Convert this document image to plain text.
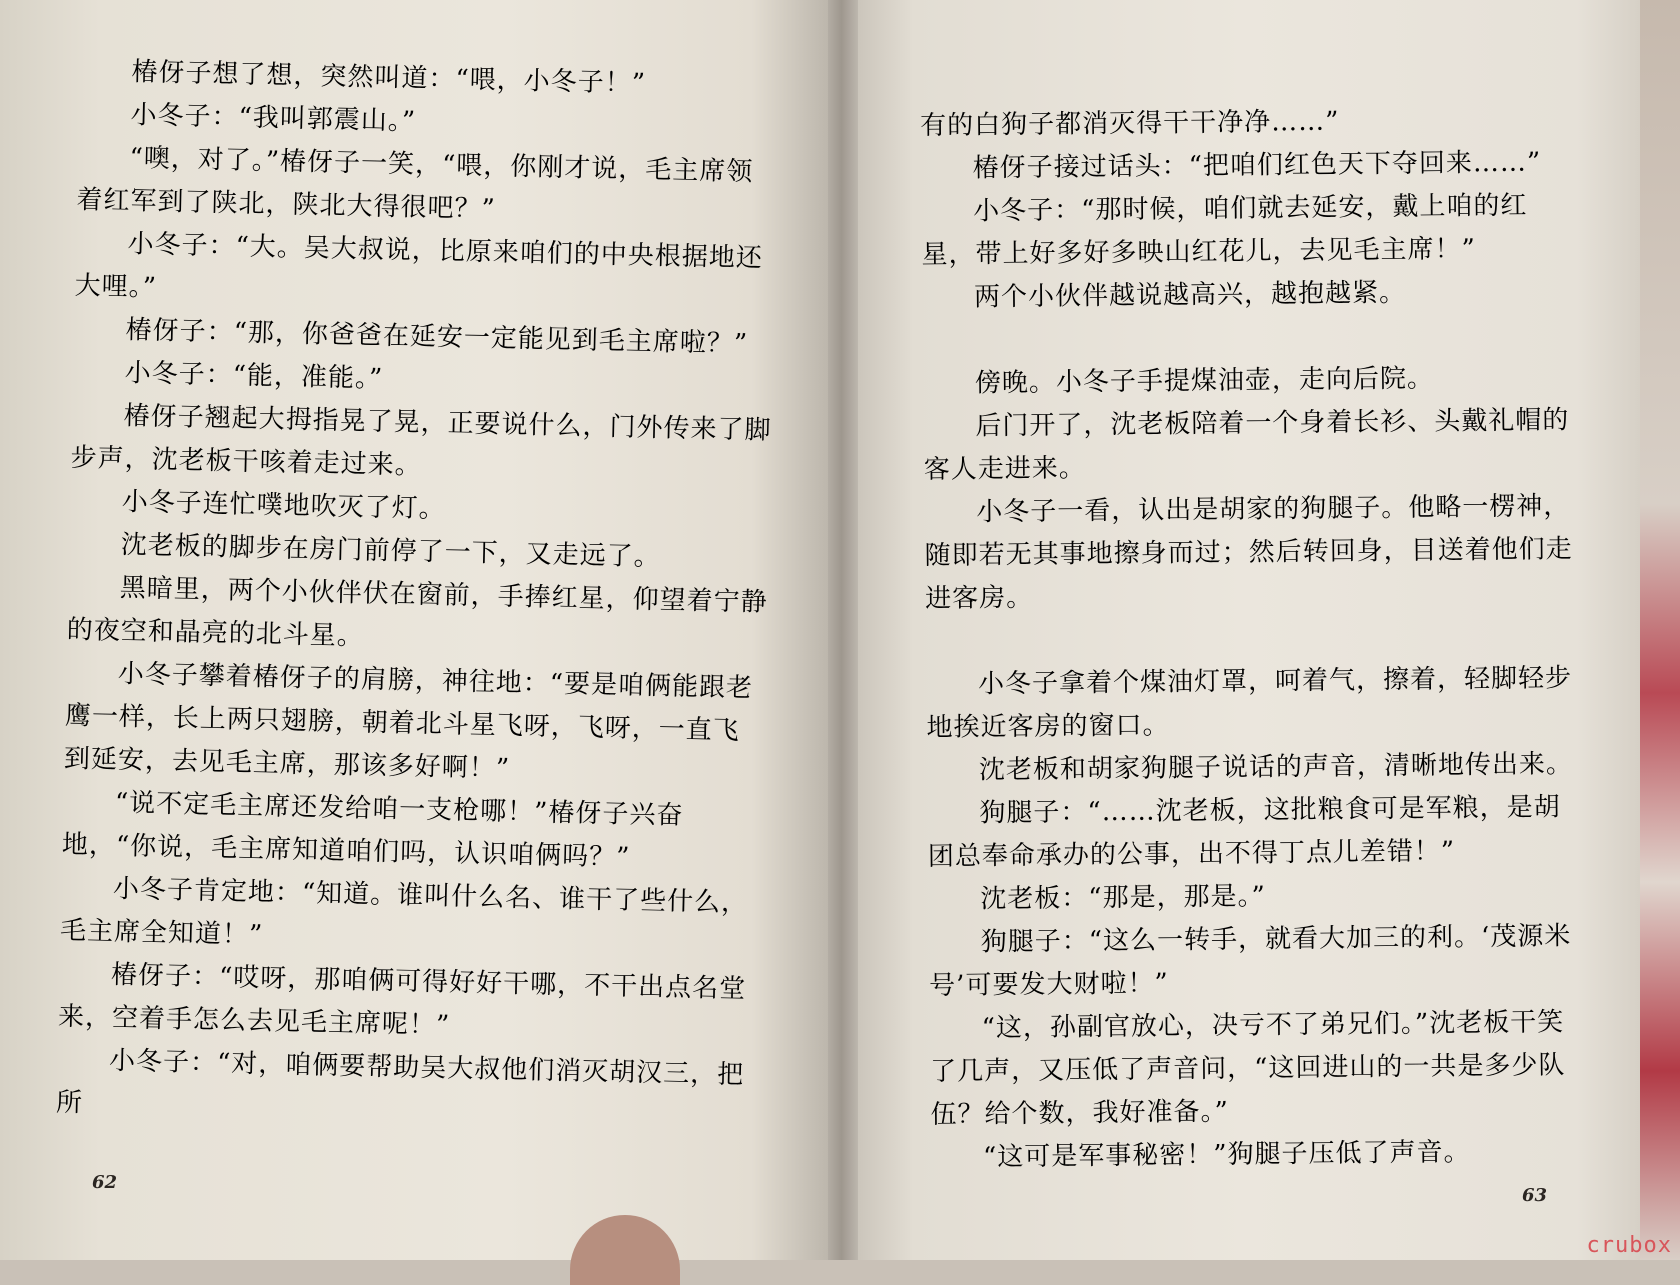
椿伢子想了想，突然叫道：“喂，小冬子！”

小冬子：“我叫郭震山。”

“噢，对了。”椿伢子一笑，“喂，你刚才说，毛主席领着红军到了陕北，陕北大得很吧？”

小冬子：“大。吴大叔说，比原来咱们的中央根据地还大哩。”

椿伢子：“那，你爸爸在延安一定能见到毛主席啦？”

小冬子：“能，准能。”

椿伢子翘起大拇指晃了晃，正要说什么，门外传来了脚步声，沈老板干咳着走过来。

小冬子连忙噗地吹灭了灯。

沈老板的脚步在房门前停了一下，又走远了。

黑暗里，两个小伙伴伏在窗前，手捧红星，仰望着宁静的夜空和晶亮的北斗星。

小冬子攀着椿伢子的肩膀，神往地：“要是咱俩能跟老鹰一样，长上两只翅膀，朝着北斗星飞呀，飞呀，一直飞到延安，去见毛主席，那该多好啊！”

“说不定毛主席还发给咱一支枪哪！”椿伢子兴奋地，“你说，毛主席知道咱们吗，认识咱俩吗？”

小冬子肯定地：“知道。谁叫什么名、谁干了些什么，毛主席全知道！”

椿伢子：“哎呀，那咱俩可得好好干哪，不干出点名堂来，空着手怎么去见毛主席呢！”

小冬子：“对，咱俩要帮助吴大叔他们消灭胡汉三，把所

有的白狗子都消灭得干干净净……”

椿伢子接过话头：“把咱们红色天下夺回来……”

小冬子：“那时候，咱们就去延安，戴上咱的红星，带上好多好多映山红花儿，去见毛主席！”

两个小伙伴越说越高兴，越抱越紧。

傍晚。小冬子手提煤油壶，走向后院。

后门开了，沈老板陪着一个身着长衫、头戴礼帽的客人走进来。

小冬子一看，认出是胡家的狗腿子。他略一楞神，随即若无其事地擦身而过；然后转回身，目送着他们走进客房。

小冬子拿着个煤油灯罩，呵着气，擦着，轻脚轻步地挨近客房的窗口。

沈老板和胡家狗腿子说话的声音，清晰地传出来。

狗腿子：“……沈老板，这批粮食可是军粮，是胡团总奉命承办的公事，出不得丁点儿差错！”

沈老板：“那是，那是。”

狗腿子：“这么一转手，就看大加三的利。‘茂源米号’可要发大财啦！”

“这，孙副官放心，决亏不了弟兄们。”沈老板干笑了几声，又压低了声音问，“这回进山的一共是多少队伍？给个数，我好准备。”

“这可是军事秘密！”狗腿子压低了声音。

62
63
crubox
